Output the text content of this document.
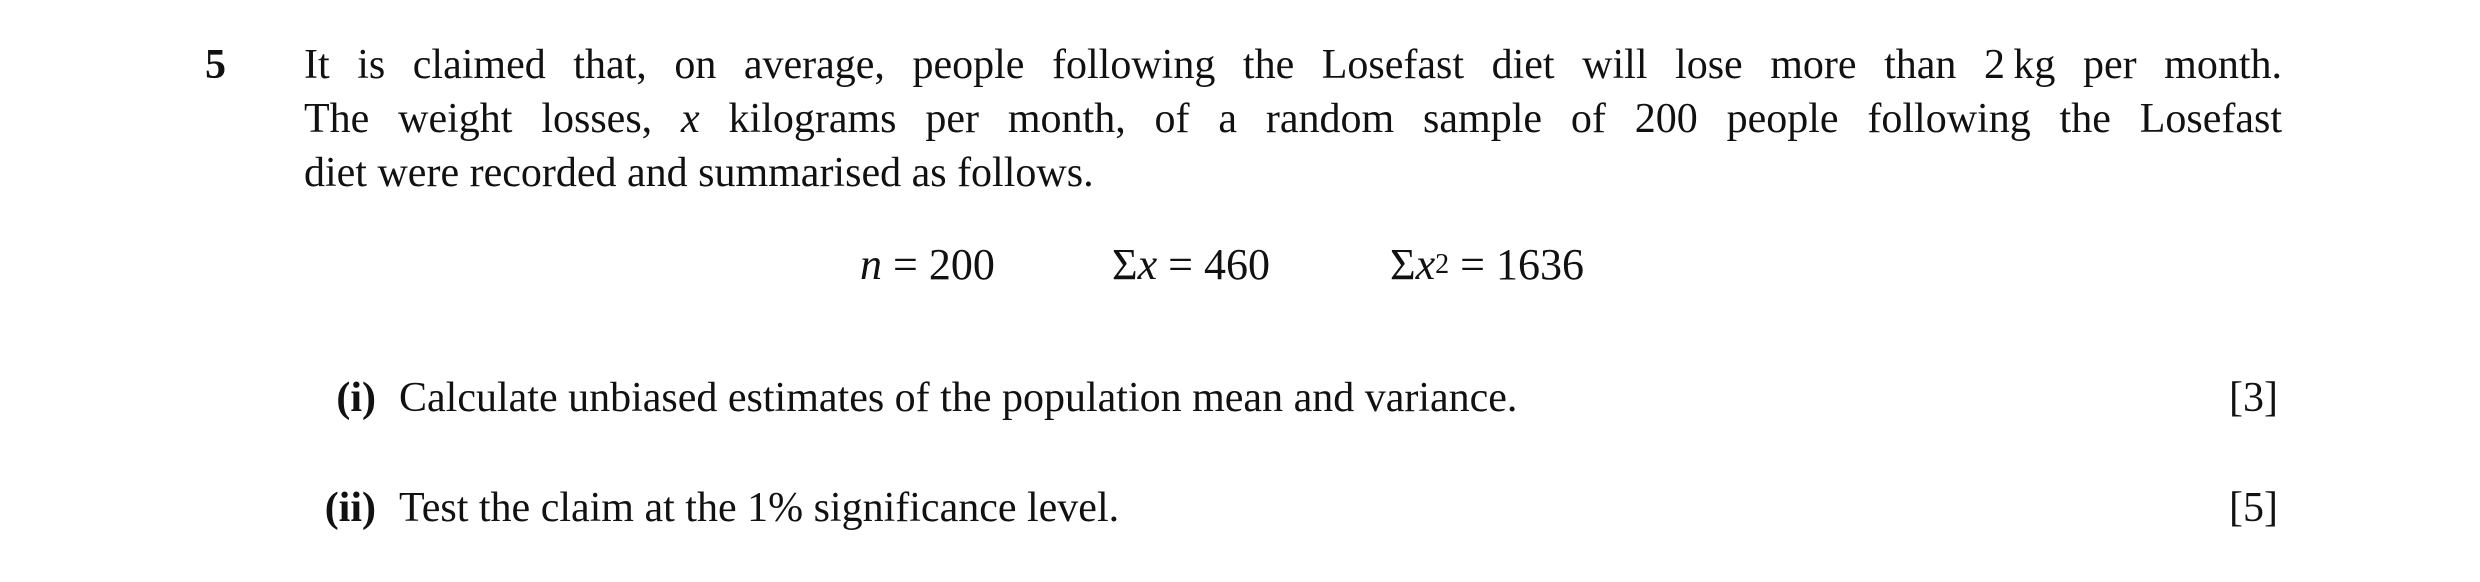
5 It is claimed that, on average, people following the Losefast diet will lose more than 2 kg per month.
The weight losses, x kilograms per month, of a random sample of 200 people following the Losefast
diet were recorded and summarised as follows.
n = 200	Σx = 460	$\Sigma x^2 = 1636$
(i) Calculate unbiased estimates of the population mean and variance.	[3]
(ii) Test the claim at the 1% significance level.	[5]
